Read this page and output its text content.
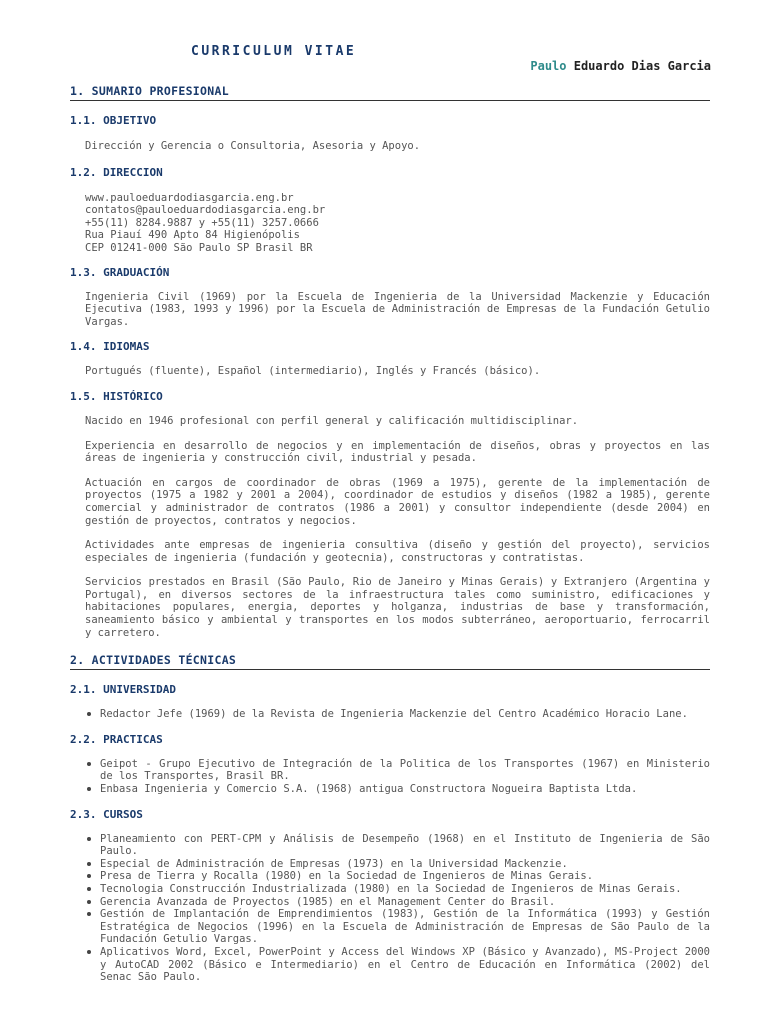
CURRICULUM VITAE
Paulo Eduardo Dias Garcia
1. SUMARIO PROFESIONAL
1.1. OBJETIVO

Dirección y Gerencia o Consultoria, Asesoria y Apoyo.

1.2. DIRECCION
www.pauloeduardodiasgarcia.eng.br
contatos@pauloeduardodiasgarcia.eng.br
+55(11) 8284.9887 y +55(11) 3257.0666
Rua Piauí 490 Apto 84 Higienópolis
CEP 01241-000 São Paulo SP Brasil BR
1.3. GRADUACIÓN

Ingenieria Civil (1969) por la Escuela de Ingenieria de la Universidad Mackenzie y Educación Ejecutiva (1983, 1993 y 1996) por la Escuela de Administración de Empresas de la Fundación Getulio Vargas.

1.4. IDIOMAS

Portugués (fluente), Español (intermediario), Inglés y Francés (básico).

1.5. HISTÓRICO

Nacido en 1946 profesional con perfil general y calificación multidisciplinar.

Experiencia en desarrollo de negocios y en implementación de diseños, obras y proyectos en las áreas de ingenieria y construcción civil, industrial y pesada.

Actuación en cargos de coordinador de obras (1969 a 1975), gerente de la implementación de proyectos (1975 a 1982 y 2001 a 2004), coordinador de estudios y diseños (1982 a 1985), gerente comercial y administrador de contratos (1986 a 2001) y consultor independiente (desde 2004) en gestión de proyectos, contratos y negocios.

Actividades ante empresas de ingenieria consultiva (diseño y gestión del proyecto), servicios especiales de ingenieria (fundación y geotecnia), constructoras y contratistas.

Servicios prestados en Brasil (São Paulo, Rio de Janeiro y Minas Gerais) y Extranjero (Argentina y Portugal), en diversos sectores de la infraestructura tales como suministro, edificaciones y habitaciones populares, energia, deportes y holganza, industrias de base y transformación, saneamiento básico y ambiental y transportes en los modos subterráneo, aeroportuario, ferrocarril y carretero.

2. ACTIVIDADES TÉCNICAS
2.1. UNIVERSIDAD
Redactor Jefe (1969) de la Revista de Ingenieria Mackenzie del Centro Académico Horacio Lane.
2.2. PRACTICAS
Geipot - Grupo Ejecutivo de Integración de la Politica de los Transportes (1967) en Ministerio de los Transportes, Brasil BR.
Enbasa Ingenieria y Comercio S.A. (1968) antigua Constructora Nogueira Baptista Ltda.
2.3. CURSOS
Planeamiento con PERT-CPM y Análisis de Desempeño (1968) en el Instituto de Ingenieria de São Paulo.
Especial de Administración de Empresas (1973) en la Universidad Mackenzie.
Presa de Tierra y Rocalla (1980) en la Sociedad de Ingenieros de Minas Gerais.
Tecnologia Construcción Industrializada (1980) en la Sociedad de Ingenieros de Minas Gerais.
Gerencia Avanzada de Proyectos (1985) en el Management Center do Brasil.
Gestión de Implantación de Emprendimientos (1983), Gestión de la Informática (1993) y Gestión Estratégica de Negocios (1996) en la Escuela de Administración de Empresas de São Paulo de la Fundación Getulio Vargas.
Aplicativos Word, Excel, PowerPoint y Access del Windows XP (Básico y Avanzado), MS-Project 2000 y AutoCAD 2002 (Básico e Intermediario) en el Centro de Educación en Informática (2002) del Senac São Paulo.
